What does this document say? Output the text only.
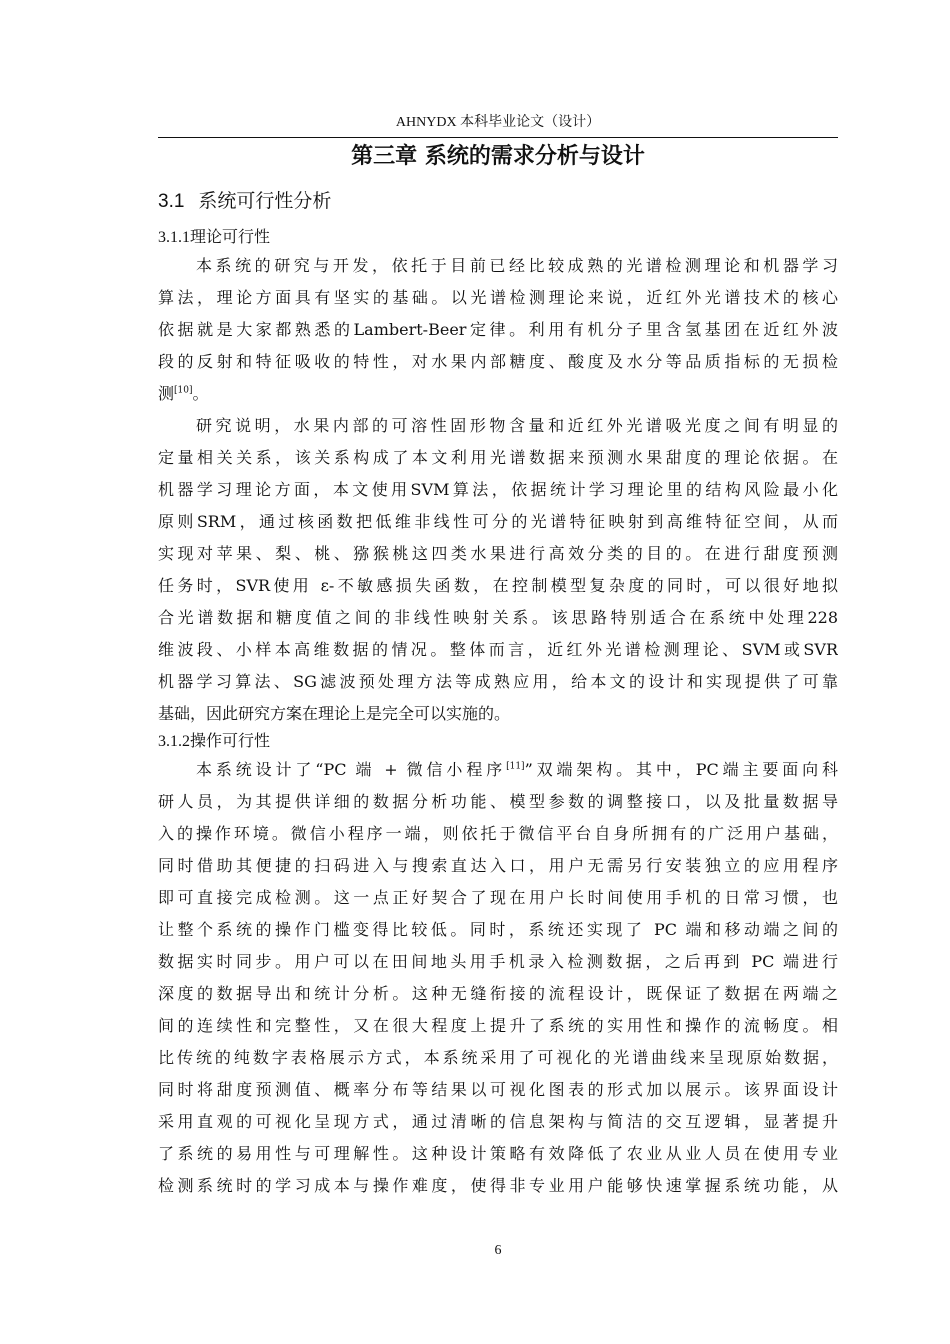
AHNYDX 本科毕业论文（设计）
第三章 系统的需求分析与设计
3.1 系统可行性分析
3.1.1理论可行性
本系统的研究与开发，依托于目前已经比较成熟的光谱检测理论和机器学习
算法，理论方面具有坚实的基础。以光谱检测理论来说，近红外光谱技术的核心
依据就是大家都熟悉的Lambert-Beer定律。利用有机分子里含氢基团在近红外波
段的反射和特征吸收的特性，对水果内部糖度、酸度及水分等品质指标的无损检
测[10]。
研究说明，水果内部的可溶性固形物含量和近红外光谱吸光度之间有明显的
定量相关关系，该关系构成了本文利用光谱数据来预测水果甜度的理论依据。在
机器学习理论方面，本文使用SVM算法，依据统计学习理论里的结构风险最小化
原则SRM，通过核函数把低维非线性可分的光谱特征映射到高维特征空间，从而
实现对苹果、梨、桃、猕猴桃这四类水果进行高效分类的目的。在进行甜度预测
任务时，SVR使用 ε-不敏感损失函数，在控制模型复杂度的同时，可以很好地拟
合光谱数据和糖度值之间的非线性映射关系。该思路特别适合在系统中处理228
维波段、小样本高维数据的情况。整体而言，近红外光谱检测理论、SVM或SVR
机器学习算法、SG滤波预处理方法等成熟应用，给本文的设计和实现提供了可靠
基础，因此研究方案在理论上是完全可以实施的。
3.1.2操作可行性
本系统设计了“PC 端 + 微信小程序[11]”双端架构。其中，PC端主要面向科
研人员，为其提供详细的数据分析功能、模型参数的调整接口，以及批量数据导
入的操作环境。微信小程序一端，则依托于微信平台自身所拥有的广泛用户基础，
同时借助其便捷的扫码进入与搜索直达入口，用户无需另行安装独立的应用程序
即可直接完成检测。这一点正好契合了现在用户长时间使用手机的日常习惯，也
让整个系统的操作门槛变得比较低。同时，系统还实现了 PC 端和移动端之间的
数据实时同步。用户可以在田间地头用手机录入检测数据，之后再到 PC 端进行
深度的数据导出和统计分析。这种无缝衔接的流程设计，既保证了数据在两端之
间的连续性和完整性，又在很大程度上提升了系统的实用性和操作的流畅度。相
比传统的纯数字表格展示方式，本系统采用了可视化的光谱曲线来呈现原始数据，
同时将甜度预测值、概率分布等结果以可视化图表的形式加以展示。该界面设计
采用直观的可视化呈现方式，通过清晰的信息架构与简洁的交互逻辑，显著提升
了系统的易用性与可理解性。这种设计策略有效降低了农业从业人员在使用专业
检测系统时的学习成本与操作难度，使得非专业用户能够快速掌握系统功能，从
6
